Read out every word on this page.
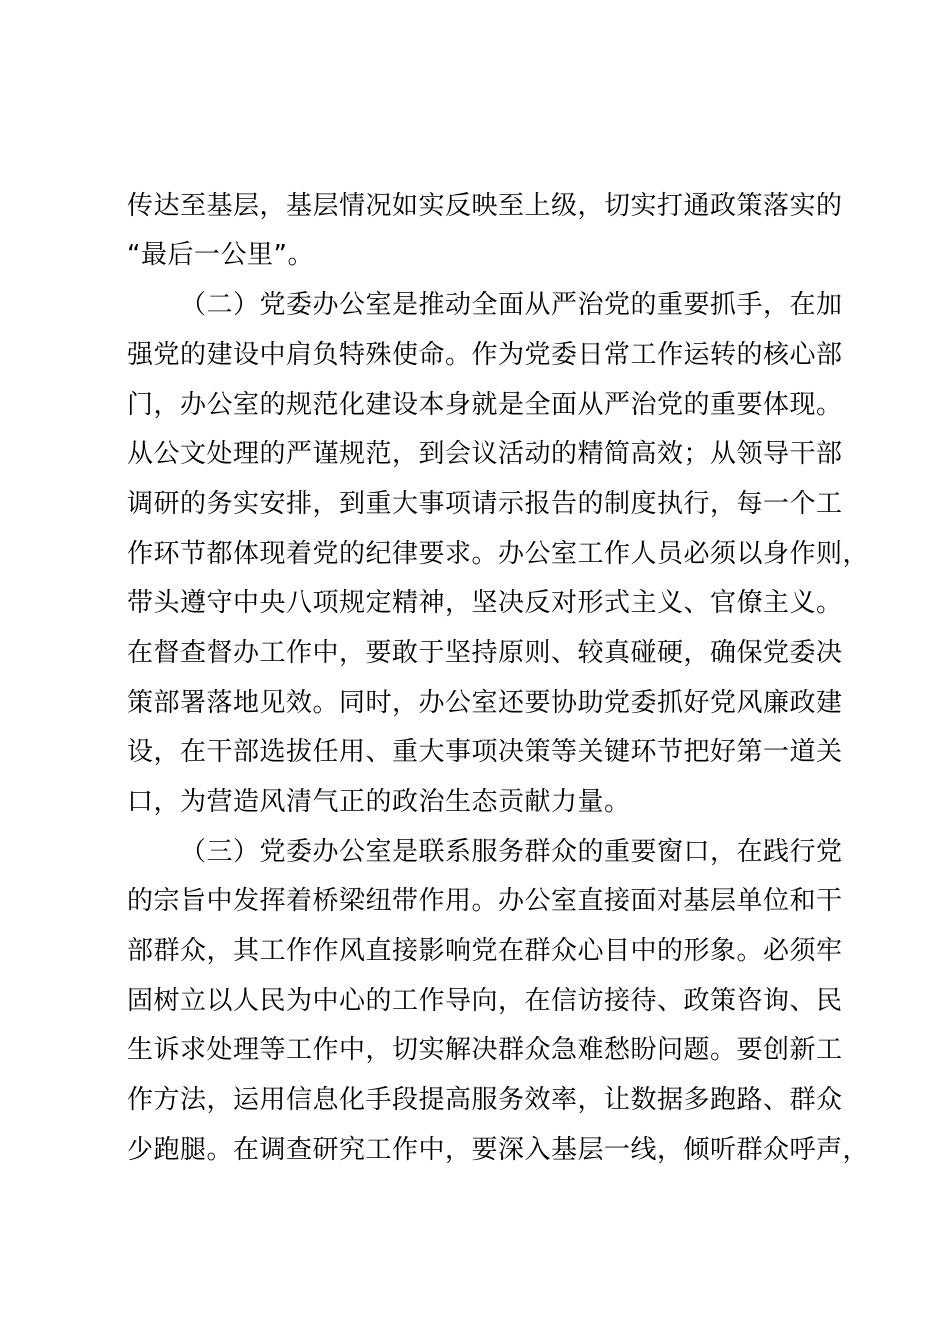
传达至基层，基层情况如实反映至上级，切实打通政策落实的
“最后一公里”。
（二）党委办公室是推动全面从严治党的重要抓手，在加
强党的建设中肩负特殊使命。作为党委日常工作运转的核心部
门，办公室的规范化建设本身就是全面从严治党的重要体现。
从公文处理的严谨规范，到会议活动的精简高效；从领导干部
调研的务实安排，到重大事项请示报告的制度执行，每一个工
作环节都体现着党的纪律要求。办公室工作人员必须以身作则，
带头遵守中央八项规定精神，坚决反对形式主义、官僚主义。
在督查督办工作中，要敢于坚持原则、较真碰硬，确保党委决
策部署落地见效。同时，办公室还要协助党委抓好党风廉政建
设，在干部选拔任用、重大事项决策等关键环节把好第一道关
口，为营造风清气正的政治生态贡献力量。
（三）党委办公室是联系服务群众的重要窗口，在践行党
的宗旨中发挥着桥梁纽带作用。办公室直接面对基层单位和干
部群众，其工作作风直接影响党在群众心目中的形象。必须牢
固树立以人民为中心的工作导向，在信访接待、政策咨询、民
生诉求处理等工作中，切实解决群众急难愁盼问题。要创新工
作方法，运用信息化手段提高服务效率，让数据多跑路、群众
少跑腿。在调查研究工作中，要深入基层一线，倾听群众呼声，
